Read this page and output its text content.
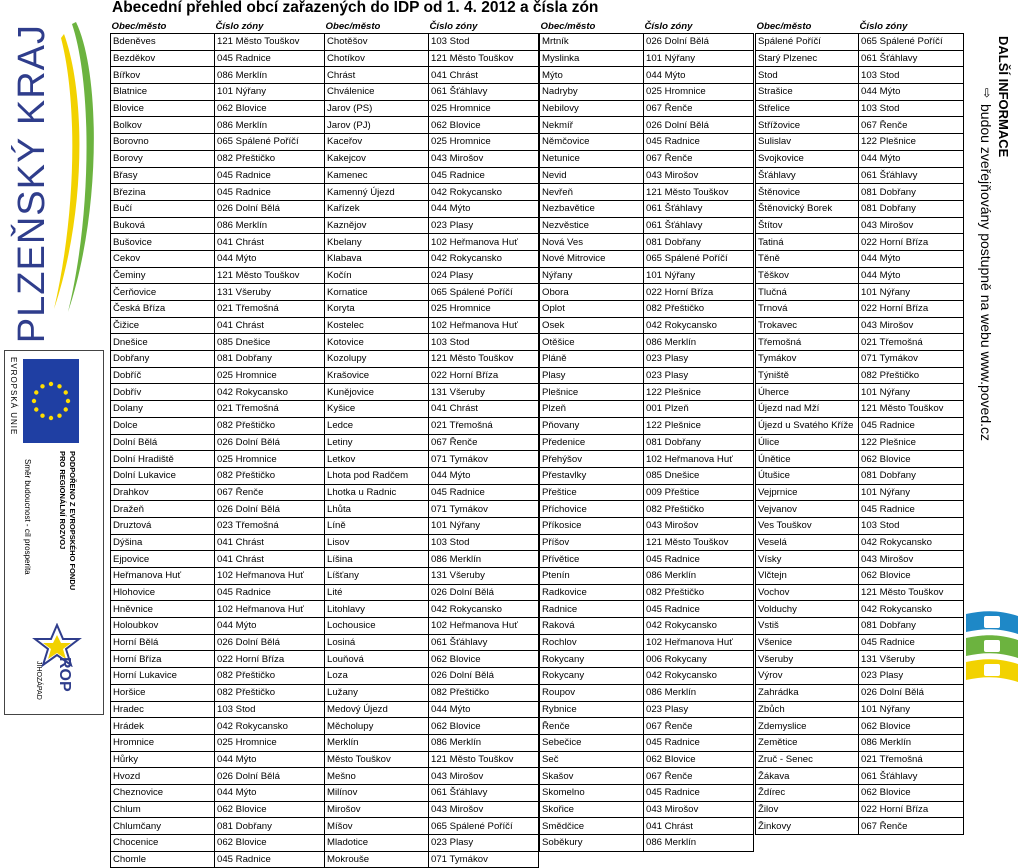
Abecední přehled obcí zařazených do IDP od 1. 4. 2012 a čísla zón
Obec/město	Číslo zóny
Bdeněves	121 Město Touškov
Bezděkov	045 Radnice
Bířkov	086 Merklín
Blatnice	101 Nýřany
Blovice	062 Blovice
Bolkov	086 Merklín
Borovno	065 Spálené Poříčí
Borovy	082 Přeštičko
Břasy	045 Radnice
Březina	045 Radnice
Bučí	026 Dolní Bělá
Buková	086 Merklín
Bušovice	041 Chrást
Cekov	044 Mýto
Čeminy	121 Město Touškov
Čerňovice	131 Všeruby
Česká Bříza	021 Třemošná
Čižice	041 Chrást
Dnešice	085 Dnešice
Dobřany	081 Dobřany
Dobříč	025 Hromnice
Dobřív	042 Rokycansko
Dolany	021 Třemošná
Dolce	082 Přeštičko
Dolní Bělá	026 Dolní Bělá
Dolní Hradiště	025 Hromnice
Dolní Lukavice	082 Přeštičko
Drahkov	067 Řenče
Dražeň	026 Dolní Bělá
Druztová	023 Třemošná
Dýšina	041 Chrást
Ejpovice	041 Chrást
Heřmanova Huť	102 Heřmanova Huť
Hlohovice	045 Radnice
Hněvnice	102 Heřmanova Huť
Holoubkov	044 Mýto
Horní Bělá	026 Dolní Bělá
Horní Bříza	022 Horní Bříza
Horní Lukavice	082 Přeštičko
Horšice	082 Přeštičko
Hradec	103 Stod
Hrádek	042 Rokycansko
Hromnice	025 Hromnice
Hůrky	044 Mýto
Hvozd	026 Dolní Bělá
Cheznovice	044 Mýto
Chlum	062 Blovice
Chlumčany	081 Dobřany
Chocenice	062 Blovice
Chomle	045 Radnice
Obec/město	Číslo zóny
Chotěšov	103 Stod
Chotíkov	121 Město Touškov
Chrást	041 Chrást
Chválenice	061 Šťáhlavy
Jarov (PS)	025 Hromnice
Jarov (PJ)	062 Blovice
Kaceřov	025 Hromnice
Kakejcov	043 Mirošov
Kamenec	045 Radnice
Kamenný Újezd	042 Rokycansko
Kařízek	044 Mýto
Kaznějov	023 Plasy
Kbelany	102 Heřmanova Huť
Klabava	042 Rokycansko
Kočín	024 Plasy
Kornatice	065 Spálené Poříčí
Koryta	025 Hromnice
Kostelec	102 Heřmanova Huť
Kotovice	103 Stod
Kozolupy	121 Město Touškov
Krašovice	022 Horní Bříza
Kunějovice	131 Všeruby
Kyšice	041 Chrást
Ledce	021 Třemošná
Letiny	067 Řenče
Letkov	071 Tymákov
Lhota pod Radčem	044 Mýto
Lhotka u Radnic	045 Radnice
Lhůta	071 Tymákov
Líně	101 Nýřany
Lisov	103 Stod
Líšina	086 Merklín
Líšťany	131 Všeruby
Lité	026 Dolní Bělá
Litohlavy	042 Rokycansko
Lochousice	102 Heřmanova Huť
Losiná	061 Šťáhlavy
Louňová	062 Blovice
Loza	026 Dolní Bělá
Lužany	082 Přeštičko
Medový Újezd	044 Mýto
Měcholupy	062 Blovice
Merklín	086 Merklín
Město Touškov	121 Město Touškov
Mešno	043 Mirošov
Milínov	061 Šťáhlavy
Mirošov	043 Mirošov
Míšov	065 Spálené Poříčí
Mladotice	023 Plasy
Mokrouše	071 Tymákov
Obec/město	Číslo zóny
Mrtník	026 Dolní Bělá
Myslinka	101 Nýřany
Mýto	044 Mýto
Nadryby	025 Hromnice
Nebilovy	067 Řenče
Nekmíř	026 Dolní Bělá
Němčovice	045 Radnice
Netunice	067 Řenče
Nevid	043 Mirošov
Nevřeň	121 Město Touškov
Nezbavětice	061 Šťáhlavy
Nezvěstice	061 Šťáhlavy
Nová Ves	081 Dobřany
Nové Mitrovice	065 Spálené Poříčí
Nýřany	101 Nýřany
Obora	022 Horní Bříza
Oplot	082 Přeštičko
Osek	042 Rokycansko
Otěšice	086 Merklín
Pláně	023 Plasy
Plasy	023 Plasy
Plešnice	122 Plešnice
Plzeň	001 Plzeň
Pňovany	122 Plešnice
Předenice	081 Dobřany
Přehýšov	102 Heřmanova Huť
Přestavlky	085 Dnešice
Přeštice	009 Přeštice
Příchovice	082 Přeštičko
Příkosice	043 Mirošov
Příšov	121 Město Touškov
Přívětice	045 Radnice
Ptenín	086 Merklín
Radkovice	082 Přeštičko
Radnice	045 Radnice
Raková	042 Rokycansko
Rochlov	102 Heřmanova Huť
Rokycany	006 Rokycany
Rokycany	042 Rokycansko
Roupov	086 Merklín
Rybnice	023 Plasy
Řenče	067 Řenče
Sebečice	045 Radnice
Seč	062 Blovice
Skašov	067 Řenče
Skomelno	045 Radnice
Skořice	043 Mirošov
Smědčice	041 Chrást
Soběkury	086 Merklín
Obec/město	Číslo zóny
Spálené Poříčí	065 Spálené Poříčí
Starý Plzenec	061 Šťáhlavy
Stod	103 Stod
Strašice	044 Mýto
Střelice	103 Stod
Střížovice	067 Řenče
Sulislav	122 Plešnice
Svojkovice	044 Mýto
Šťáhlavy	061 Šťáhlavy
Štěnovice	081 Dobřany
Štěnovický Borek	081 Dobřany
Štítov	043 Mirošov
Tatiná	022 Horní Bříza
Těně	044 Mýto
Těškov	044 Mýto
Tlučná	101 Nýřany
Trnová	022 Horní Bříza
Trokavec	043 Mirošov
Třemošná	021 Třemošná
Tymákov	071 Tymákov
Týniště	082 Přeštičko
Úherce	101 Nýřany
Újezd nad Mží	121 Město Touškov
Újezd u Svatého Kříže	045 Radnice
Úlice	122 Plešnice
Únětice	062 Blovice
Útušice	081 Dobřany
Vejprnice	101 Nýřany
Vejvanov	045 Radnice
Ves Touškov	103 Stod
Veselá	042 Rokycansko
Vísky	043 Mirošov
Vlčtejn	062 Blovice
Vochov	121 Město Touškov
Volduchy	042 Rokycansko
Vstiš	081 Dobřany
Všenice	045 Radnice
Všeruby	131 Všeruby
Výrov	023 Plasy
Zahrádka	026 Dolní Bělá
Zbůch	101 Nýřany
Zdemyslice	062 Blovice
Zemětice	086 Merklín
Zruč - Senec	021 Třemošná
Žákava	061 Šťáhlavy
Ždírec	062 Blovice
Žilov	022 Horní Bříza
Žinkovy	067 Řenče
PLZEŇSKÝ KRAJ
EVROPSKÁ UNIE
PODPOŘENO Z EVROPSKÉHO FONDU PRO REGIONÁLNÍ ROZVOJ
Směr budoucnost - cíl prosperita
ROP
JIHOZÁPAD
DALŠÍ INFORMACE
⇨
budou zveřejňovány postupně na webu www.poved.cz
